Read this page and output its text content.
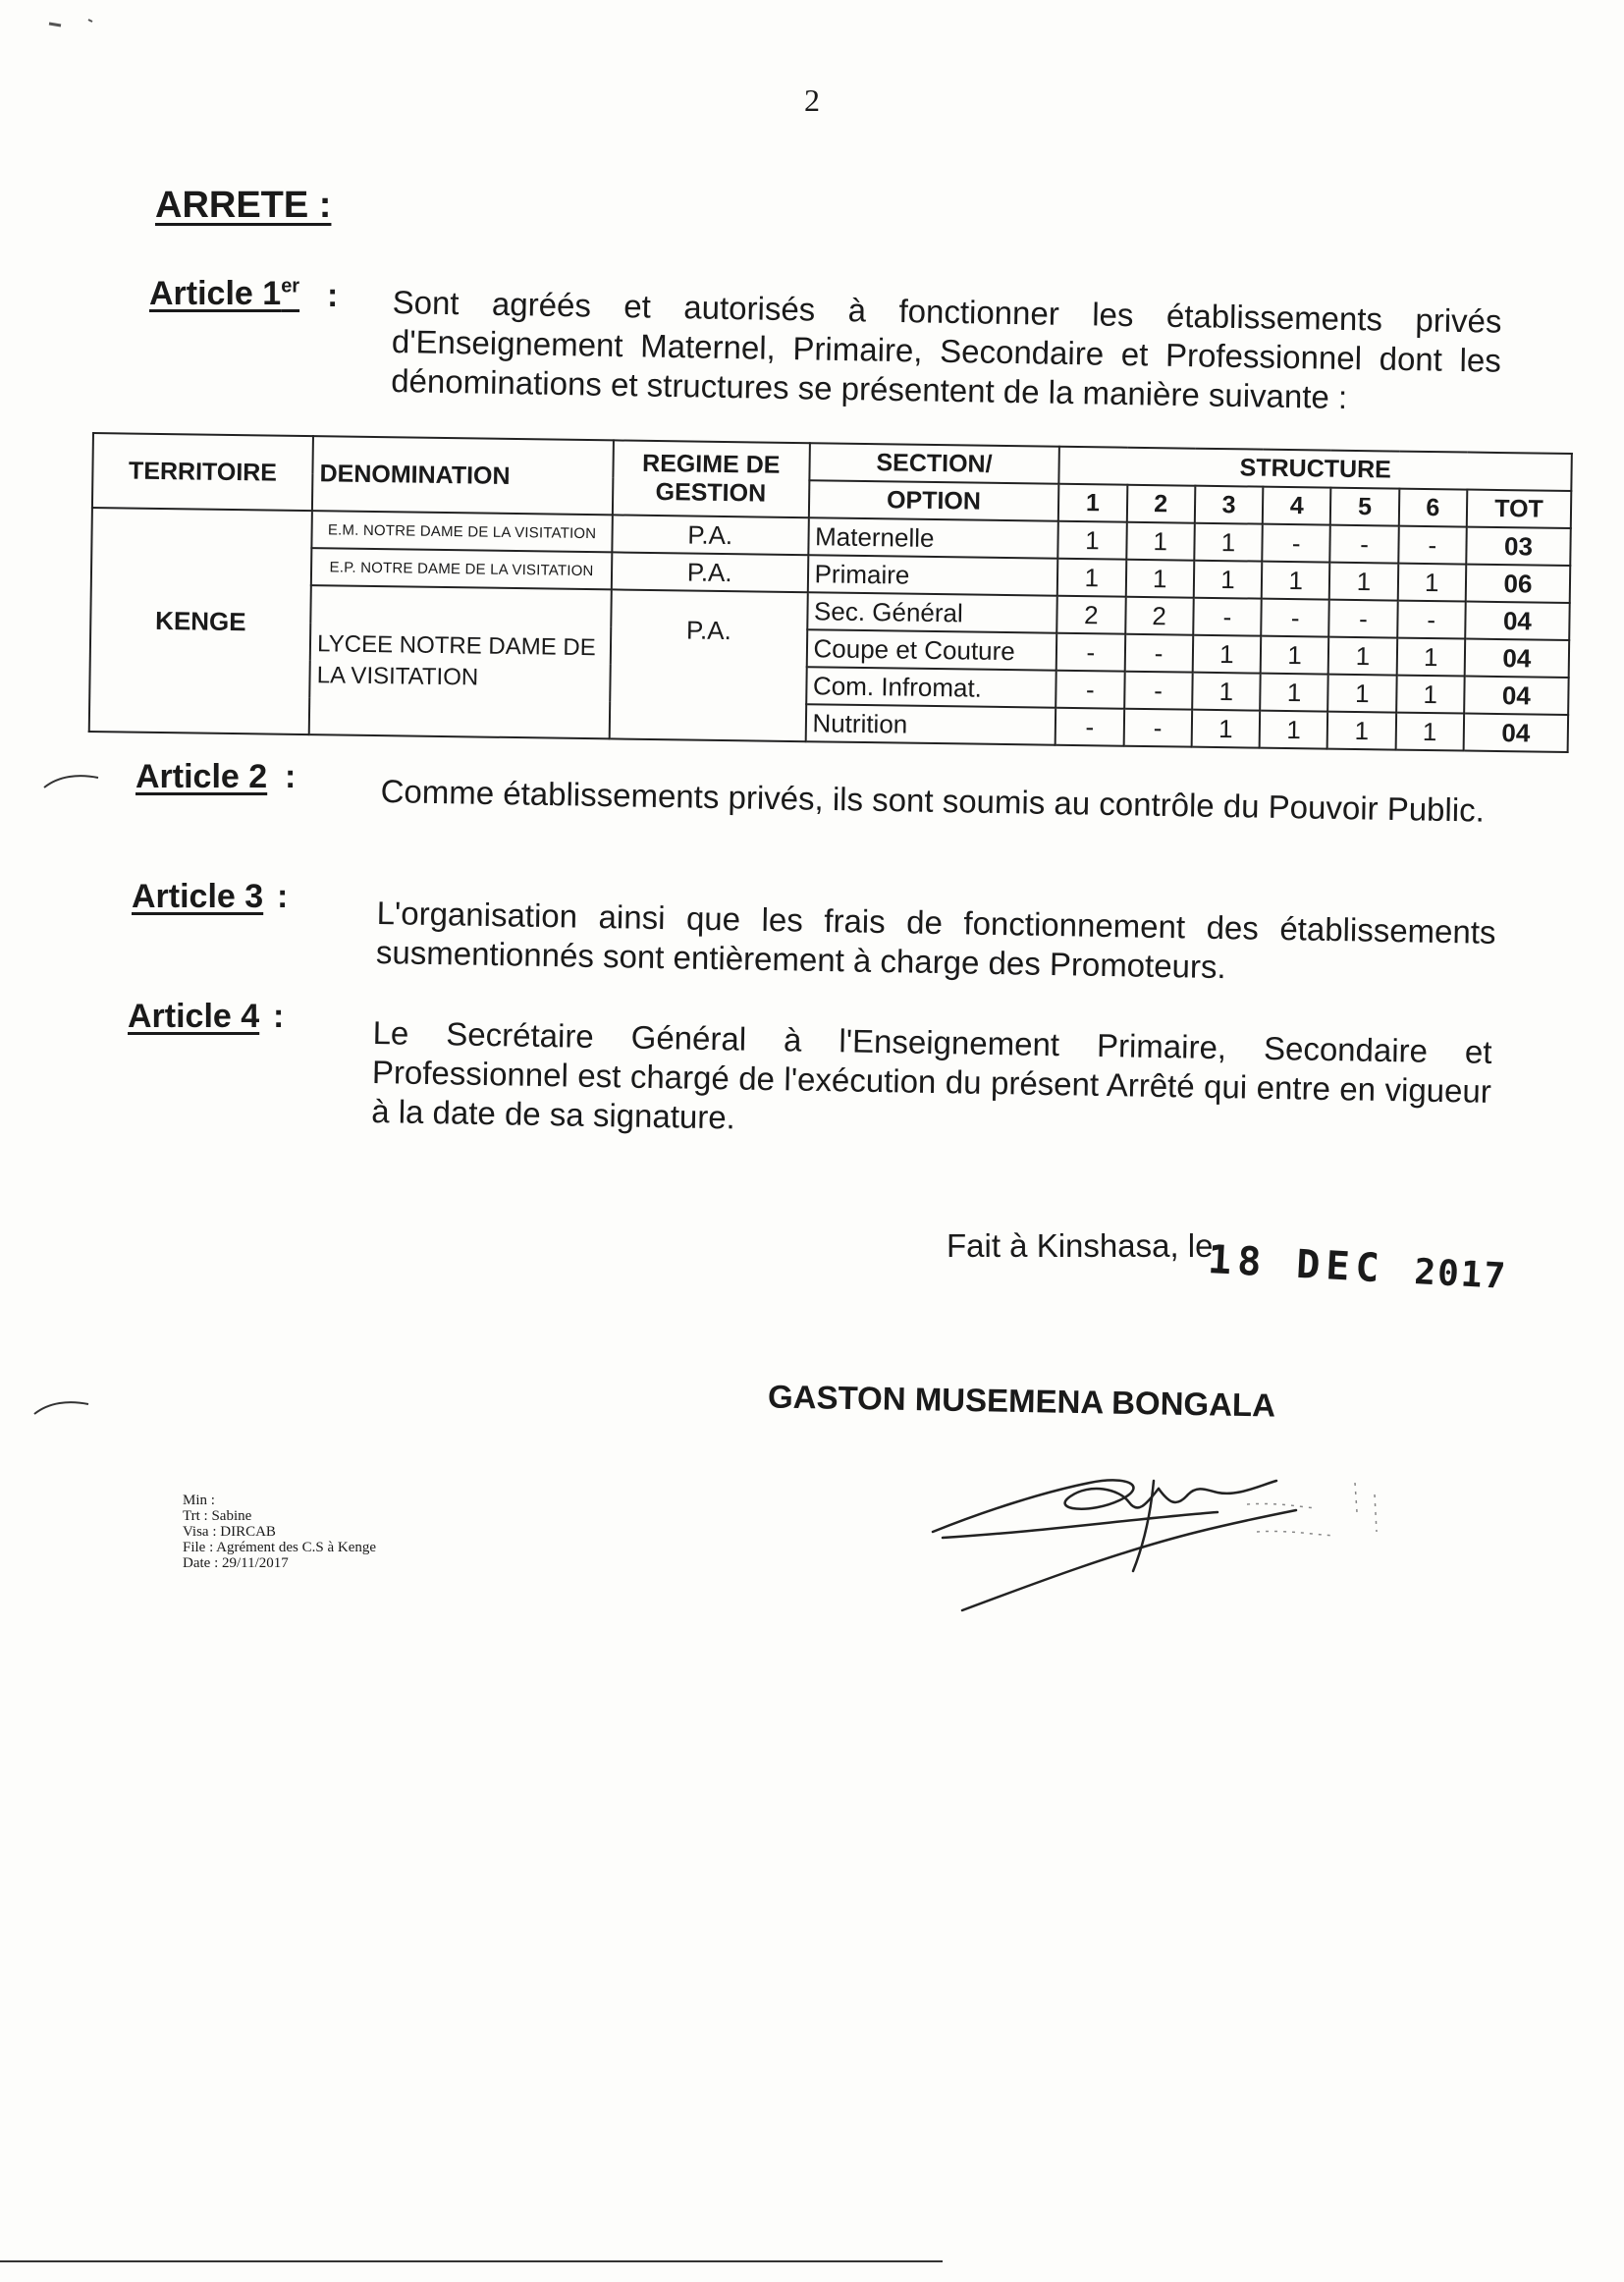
2
ARRETE :
Article 1er : Sont agréés et autorisés à fonctionner les établissements privés d'Enseignement Maternel, Primaire, Secondaire et Professionnel dont les dénominations et structures se présentent de la manière suivante :
TERRITOIRE	DENOMINATION	REGIME DE GESTION	SECTION/	STRUCTURE						
			OPTION	1	2	3	4	5	6	TOT
KENGE	E.M. NOTRE DAME DE LA VISITATION	P.A.	Maternelle	1	1	1	-	-	-	03
	E.P. NOTRE DAME DE LA VISITATION	P.A.	Primaire	1	1	1	1	1	1	06
	LYCEE NOTRE DAME DE LA VISITATION	P.A.	Sec. Général	2	2	-	-	-	-	04
			Coupe et Couture	-	-	1	1	1	1	04
			Com. Infromat.	-	-	1	1	1	1	04
			Nutrition	-	-	1	1	1	1	04
Article 2 :	Comme établissements privés, ils sont soumis au contrôle du Pouvoir Public.
Article 3 :	L'organisation ainsi que les frais de fonctionnement des établissements susmentionnés sont entièrement à charge des Promoteurs.
Article 4 :	Le Secrétaire Général à l'Enseignement Primaire, Secondaire et Professionnel est chargé de l'exécution du présent Arrêté qui entre en vigueur à la date de sa signature.
Fait à Kinshasa, le
18 DEC 2017
GASTON MUSEMENA BONGALA
Min :
Trt : Sabine
Visa : DIRCAB
File : Agrément des C.S à Kenge
Date : 29/11/2017
